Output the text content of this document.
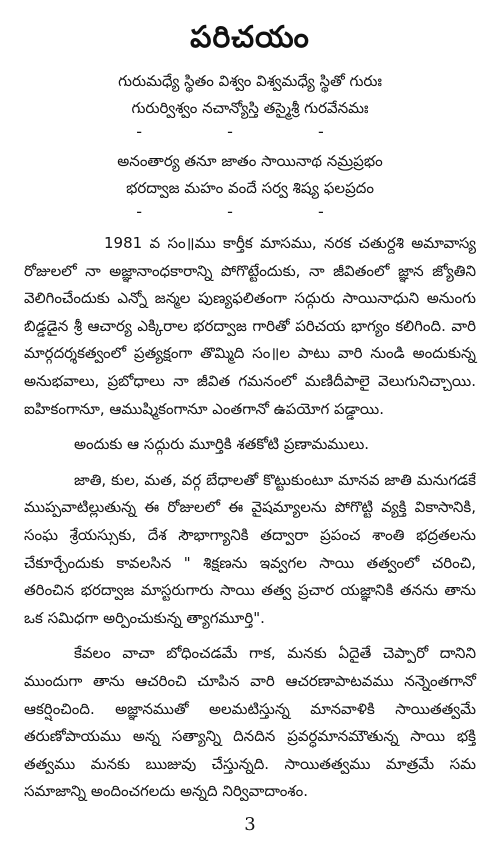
పరిచయం

గురుమధ్యే స్థితం విశ్వం విశ్వమధ్యే స్థితో గురుః

గురుర్విశ్వం నచాన్యోస్తి తస్మైశ్రీ గురవేనమః

- - -

అనంతార్య తనూ జాతం సాయినాథ నమ్రప్రభం

భరద్వాజ మహం వందే సర్వ శిష్య ఫలప్రదం

- - -

1981 వ సం॥ము కార్తీక మాసము, నరక చతుర్దశి అమావాస్య రోజులలో నా అజ్ఞానాంధకారాన్ని పోగొట్టేందుకు, నా జీవితంలో జ్ఞాన జ్యోతిని వెలిగించేందుకు ఎన్నో జన్మల పుణ్యఫలితంగా సద్గురు సాయినాధుని అనుంగు బిడ్డడైన శ్రీ ఆచార్య ఎక్కిరాల భరద్వాజ గారితో పరిచయ భాగ్యం కలిగింది. వారి మార్గదర్శకత్వంలో ప్రత్యక్షంగా తొమ్మిది సం॥ల పాటు వారి నుండి అందుకున్న అనుభవాలు, ప్రబోధాలు నా జీవిత గమనంలో మణిదీపాలై వెలుగునిచ్చాయి. ఐహికంగానూ, ఆముష్మికంగానూ ఎంతగానో ఉపయోగ పడ్డాయి.

అందుకు ఆ సద్గురు మూర్తికి శతకోటి ప్రణామములు.

జాతి, కుల, మత, వర్గ బేధాలతో కొట్టుకుంటూ మానవ జాతి మనుగడకే ముప్పవాటిల్లుతున్న ఈ రోజులలో ఈ వైషమ్యాలను పోగొట్టి వ్యక్తి వికాసానికి, సంఘ శ్రేయస్సుకు, దేశ సౌభాగ్యానికి తద్వారా ప్రపంచ శాంతి భద్రతలను చేకూర్చేందుకు కావలసిన " శిక్షణను ఇవ్వగల సాయి తత్వంలో చరించి, తరించిన భరద్వాజ మాస్టరుగారు సాయి తత్వ ప్రచార యజ్ఞానికి తనను తాను ఒక సమిధగా అర్పించుకున్న త్యాగమూర్తి".

కేవలం వాచా బోధించడమే గాక, మనకు ఏదైతే చెప్పారో దానిని ముందుగా తాను ఆచరించి చూపిన వారి ఆచరణాపాటవము నన్నెంతగానో ఆకర్షించింది. అజ్ఞానముతో అలమటిస్తున్న మానవాళికి సాయితత్వమే తరుణోపాయము అన్న సత్యాన్ని దినదిన ప్రవర్ధమానమౌతున్న సాయి భక్తి తత్వము మనకు ఋజువు చేస్తున్నది. సాయితత్వము మాత్రమే సమ సమాజాన్ని అందించగలదు అన్నది నిర్వివాదాంశం.

3
